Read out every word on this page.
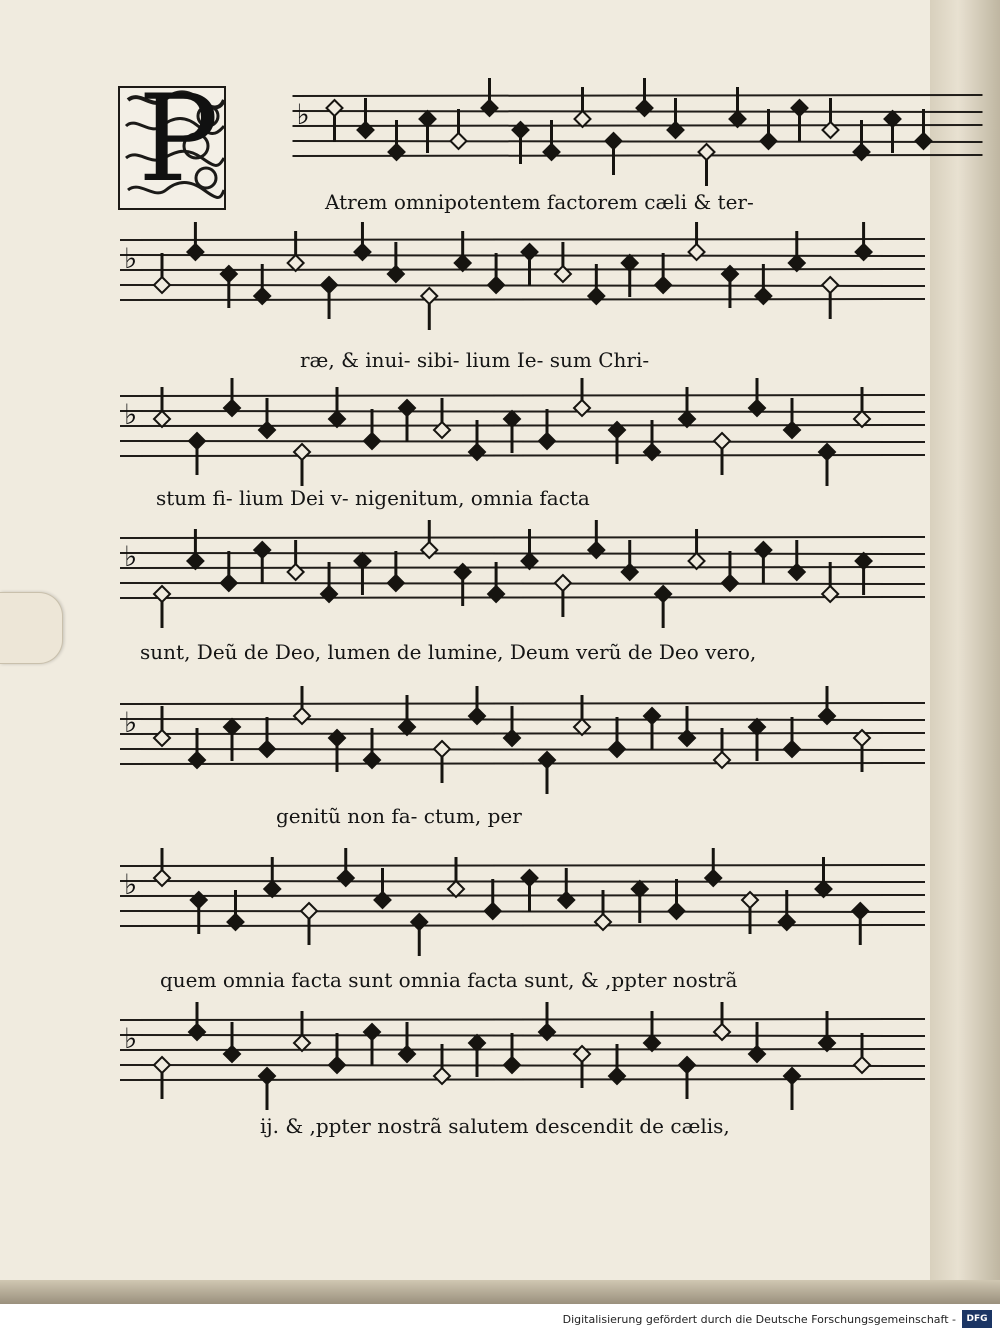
P	♭
♭
♭
♭
♭
♭
♭
Atrem omnipotentem factorem cæli & ter-
ræ, & inui- sibi- lium Ie- sum Chri-
stum fi- lium Dei v- nigenitum, omnia facta
sunt, Deũ de Deo, lumen de lumine, Deum verũ de Deo vero,
genitũ non fa- ctum, per
quem omnia facta sunt omnia facta sunt, & ,ppter nostrã
ij. & ,ppter nostrã salutem descendit de cælis,
Digitalisierung gefördert durch die Deutsche Forschungsgemeinschaft -	DFG
